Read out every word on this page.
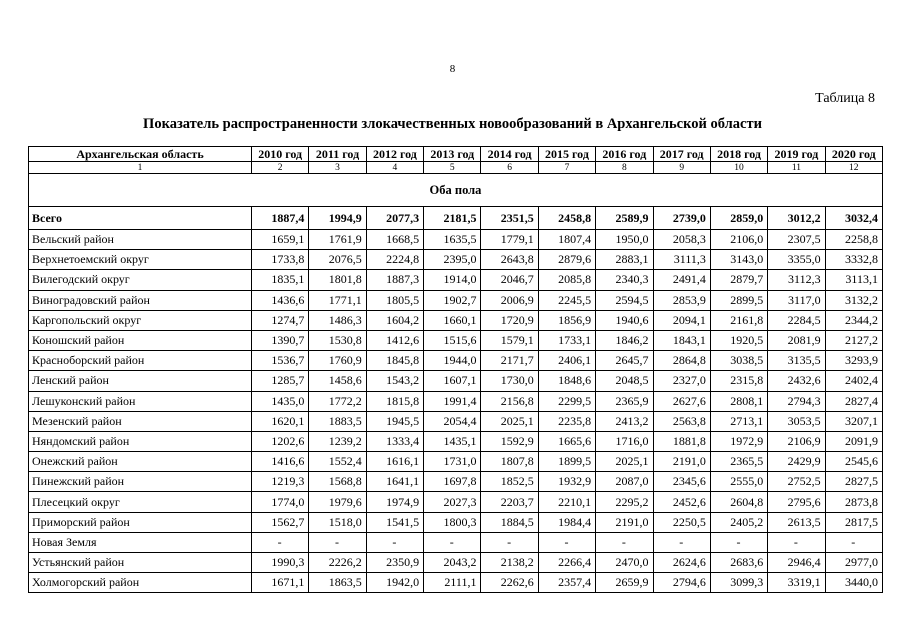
8
Таблица 8
Показатель распространенности злокачественных новообразований в Архангельской области
Архангельская область	2010 год	2011 год	2012 год	2013 год	2014 год	2015 год	2016 год	2017 год	2018 год	2019 год	2020 год
1	2	3	4	5	6	7	8	9	10	11	12
Оба пола											
Всего	1887,4	1994,9	2077,3	2181,5	2351,5	2458,8	2589,9	2739,0	2859,0	3012,2	3032,4
Вельский район	1659,1	1761,9	1668,5	1635,5	1779,1	1807,4	1950,0	2058,3	2106,0	2307,5	2258,8
Верхнетоемский округ	1733,8	2076,5	2224,8	2395,0	2643,8	2879,6	2883,1	3111,3	3143,0	3355,0	3332,8
Вилегодский округ	1835,1	1801,8	1887,3	1914,0	2046,7	2085,8	2340,3	2491,4	2879,7	3112,3	3113,1
Виноградовский район	1436,6	1771,1	1805,5	1902,7	2006,9	2245,5	2594,5	2853,9	2899,5	3117,0	3132,2
Каргопольский округ	1274,7	1486,3	1604,2	1660,1	1720,9	1856,9	1940,6	2094,1	2161,8	2284,5	2344,2
Коношский район	1390,7	1530,8	1412,6	1515,6	1579,1	1733,1	1846,2	1843,1	1920,5	2081,9	2127,2
Красноборский район	1536,7	1760,9	1845,8	1944,0	2171,7	2406,1	2645,7	2864,8	3038,5	3135,5	3293,9
Ленский район	1285,7	1458,6	1543,2	1607,1	1730,0	1848,6	2048,5	2327,0	2315,8	2432,6	2402,4
Лешуконский район	1435,0	1772,2	1815,8	1991,4	2156,8	2299,5	2365,9	2627,6	2808,1	2794,3	2827,4
Мезенский район	1620,1	1883,5	1945,5	2054,4	2025,1	2235,8	2413,2	2563,8	2713,1	3053,5	3207,1
Няндомский район	1202,6	1239,2	1333,4	1435,1	1592,9	1665,6	1716,0	1881,8	1972,9	2106,9	2091,9
Онежский район	1416,6	1552,4	1616,1	1731,0	1807,8	1899,5	2025,1	2191,0	2365,5	2429,9	2545,6
Пинежский район	1219,3	1568,8	1641,1	1697,8	1852,5	1932,9	2087,0	2345,6	2555,0	2752,5	2827,5
Плесецкий округ	1774,0	1979,6	1974,9	2027,3	2203,7	2210,1	2295,2	2452,6	2604,8	2795,6	2873,8
Приморский район	1562,7	1518,0	1541,5	1800,3	1884,5	1984,4	2191,0	2250,5	2405,2	2613,5	2817,5
Новая Земля	-	-	-	-	-	-	-	-	-	-	-
Устьянский район	1990,3	2226,2	2350,9	2043,2	2138,2	2266,4	2470,0	2624,6	2683,6	2946,4	2977,0
Холмогорский район	1671,1	1863,5	1942,0	2111,1	2262,6	2357,4	2659,9	2794,6	3099,3	3319,1	3440,0
